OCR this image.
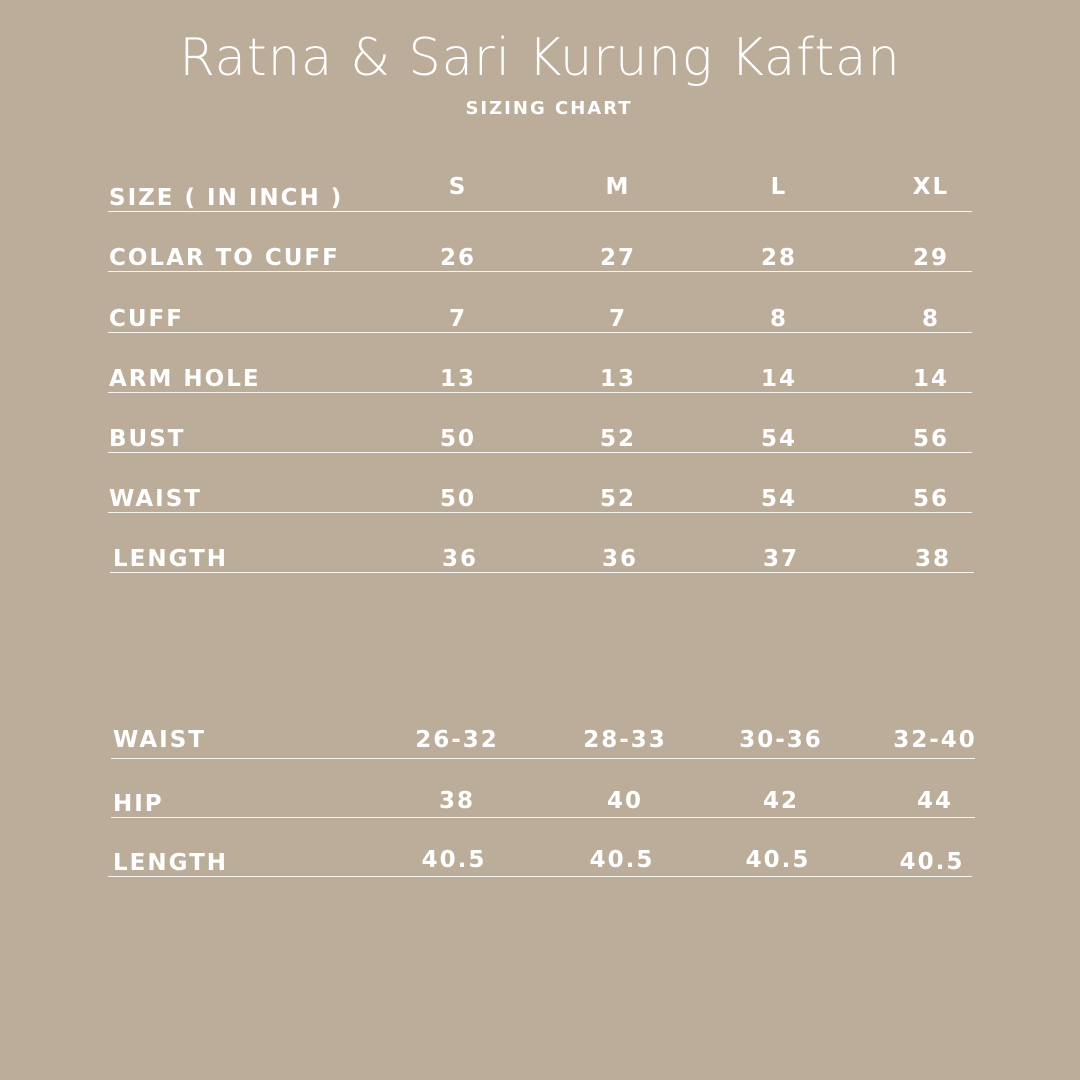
Ratna & Sari Kurung Kaftan
SIZING CHART
SIZE ( IN INCH )	S	M	L	XL
COLAR TO CUFF	26	27	28	29
CUFF	7	7	8	8
ARM HOLE	13	13	14	14
BUST	50	52	54	56
WAIST	50	52	54	56
LENGTH	36	36	37	38
WAIST	26-32	28-33	30-36	32-40
HIP	38	40	42	44
LENGTH	40.5	40.5	40.5	40.5
